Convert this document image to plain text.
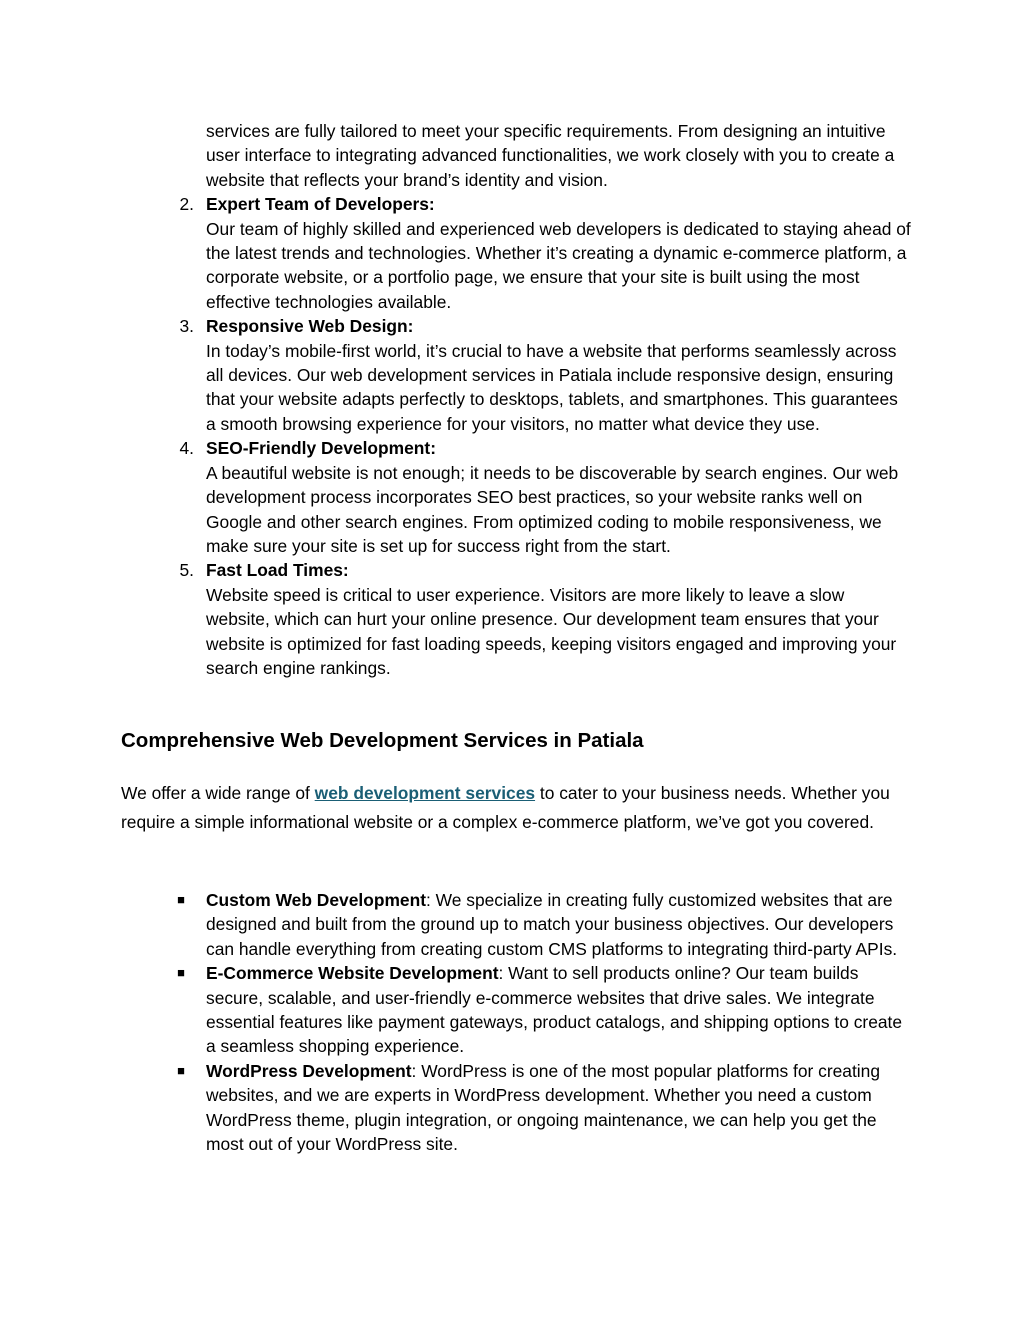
services are fully tailored to meet your specific requirements. From designing an intuitive user interface to integrating advanced functionalities, we work closely with you to create a website that reflects your brand’s identity and vision.
2. Expert Team of Developers:
Our team of highly skilled and experienced web developers is dedicated to staying ahead of the latest trends and technologies. Whether it’s creating a dynamic e-commerce platform, a corporate website, or a portfolio page, we ensure that your site is built using the most effective technologies available.
3. Responsive Web Design:
In today’s mobile-first world, it’s crucial to have a website that performs seamlessly across all devices. Our web development services in Patiala include responsive design, ensuring that your website adapts perfectly to desktops, tablets, and smartphones. This guarantees a smooth browsing experience for your visitors, no matter what device they use.
4. SEO-Friendly Development:
A beautiful website is not enough; it needs to be discoverable by search engines. Our web development process incorporates SEO best practices, so your website ranks well on Google and other search engines. From optimized coding to mobile responsiveness, we make sure your site is set up for success right from the start.
5. Fast Load Times:
Website speed is critical to user experience. Visitors are more likely to leave a slow website, which can hurt your online presence. Our development team ensures that your website is optimized for fast loading speeds, keeping visitors engaged and improving your search engine rankings.
Comprehensive Web Development Services in Patiala

We offer a wide range of web development services to cater to your business needs. Whether you require a simple informational website or a complex e-commerce platform, we’ve got you covered.

■ Custom Web Development: We specialize in creating fully customized websites that are designed and built from the ground up to match your business objectives. Our developers can handle everything from creating custom CMS platforms to integrating third-party APIs.
■ E-Commerce Website Development: Want to sell products online? Our team builds secure, scalable, and user-friendly e-commerce websites that drive sales. We integrate essential features like payment gateways, product catalogs, and shipping options to create a seamless shopping experience.
■ WordPress Development: WordPress is one of the most popular platforms for creating websites, and we are experts in WordPress development. Whether you need a custom WordPress theme, plugin integration, or ongoing maintenance, we can help you get the most out of your WordPress site.
